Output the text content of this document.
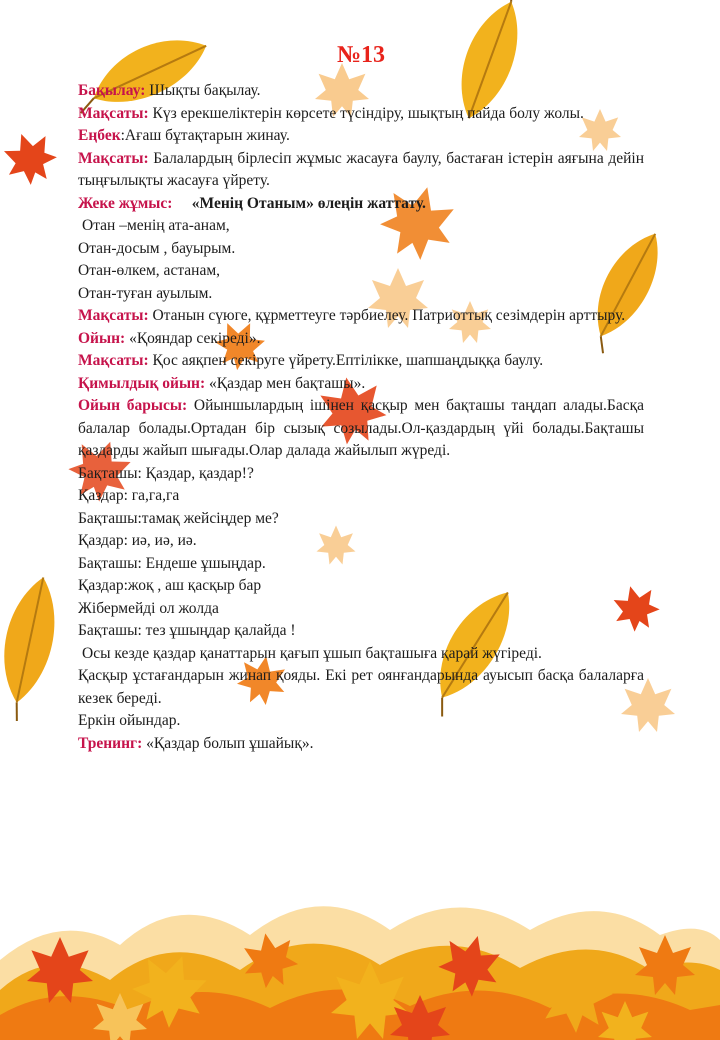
№13

Бақылау: Шықты бақылау.

Мақсаты: Күз ерекшеліктерін көрсете түсіндіру, шықтың пайда болу жолы.

Еңбек:Ағаш бұтақтарын жинау.

Мақсаты: Балалардың бірлесіп жұмыс жасауға баулу, бастаған істерін аяғына дейін тыңғылықты жасауға үйрету.

Жеке жұмыс: «Менің Отаным» өлеңін жаттату.

Отан –менің ата-анам,

Отан-досым , бауырым.

Отан-өлкем, астанам,

Отан-туған ауылым.

Мақсаты: Отанын сүюге, құрметтеуге тәрбиелеу. Патриоттық сезімдерін арттыру.

Ойын: «Қояндар секіреді».

Мақсаты: Қос аяқпен секіруге үйрету.Ептілікке, шапшаңдыққа баулу.

Қимылдық ойын: «Қаздар мен бақташы».

Ойын барысы: Ойыншылардың ішінен қасқыр мен бақташы таңдап алады.Басқа балалар болады.Ортадан бір сызық созылады.Ол-қаздардың үйі болады.Бақташы қаздарды жайып шығады.Олар далада жайылып жүреді.

Бақташы: Қаздар, қаздар!?

Қаздар: га,га,га

Бақташы:тамақ жейсіңдер ме?

Қаздар: иә, иә, иә.

Бақташы: Ендеше ұшыңдар.

Қаздар:жоқ , аш қасқыр бар

Жібермейді ол жолда

Бақташы: тез ұшыңдар қалайда !

Осы кезде қаздар қанаттарын қағып ұшып бақташыға қарай жүгіреді.

Қасқыр ұстағандарын жинап қояды. Екі рет оянғандарында ауысып басқа балаларға кезек береді.

Еркін ойындар.

Тренинг: «Қаздар болып ұшайық».
